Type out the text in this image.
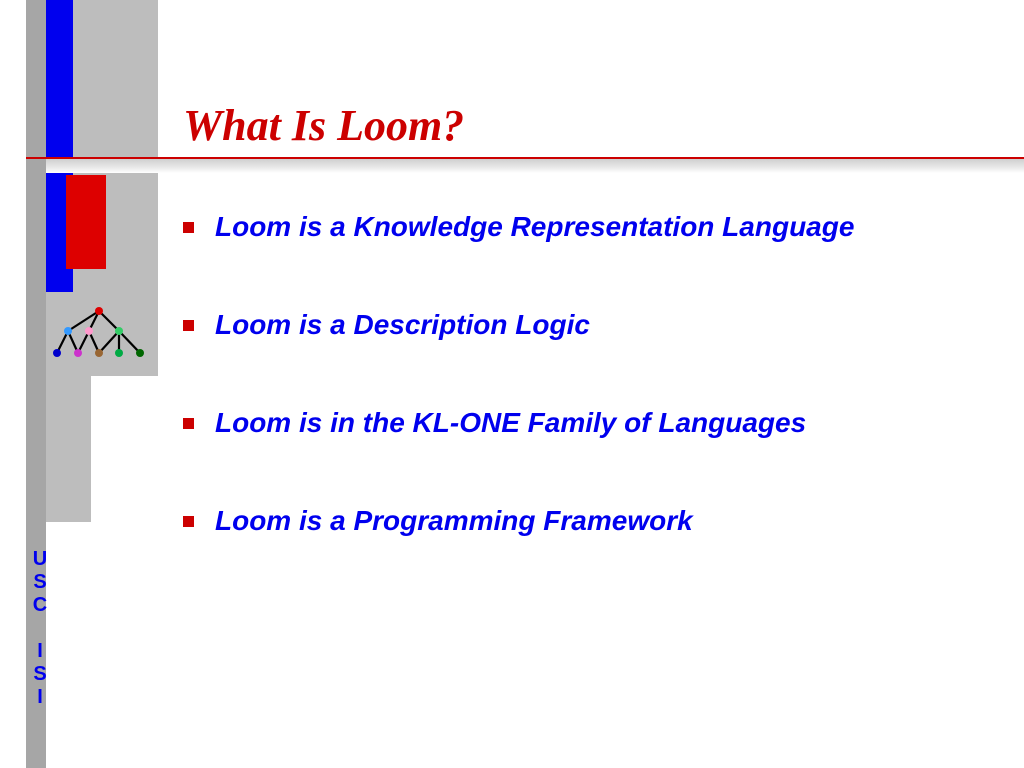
U
S
C

I
S
I
What Is Loom?
Loom is a Knowledge Representation Language
Loom is a Description Logic
Loom is in the KL-ONE Family of Languages
Loom is a Programming Framework
